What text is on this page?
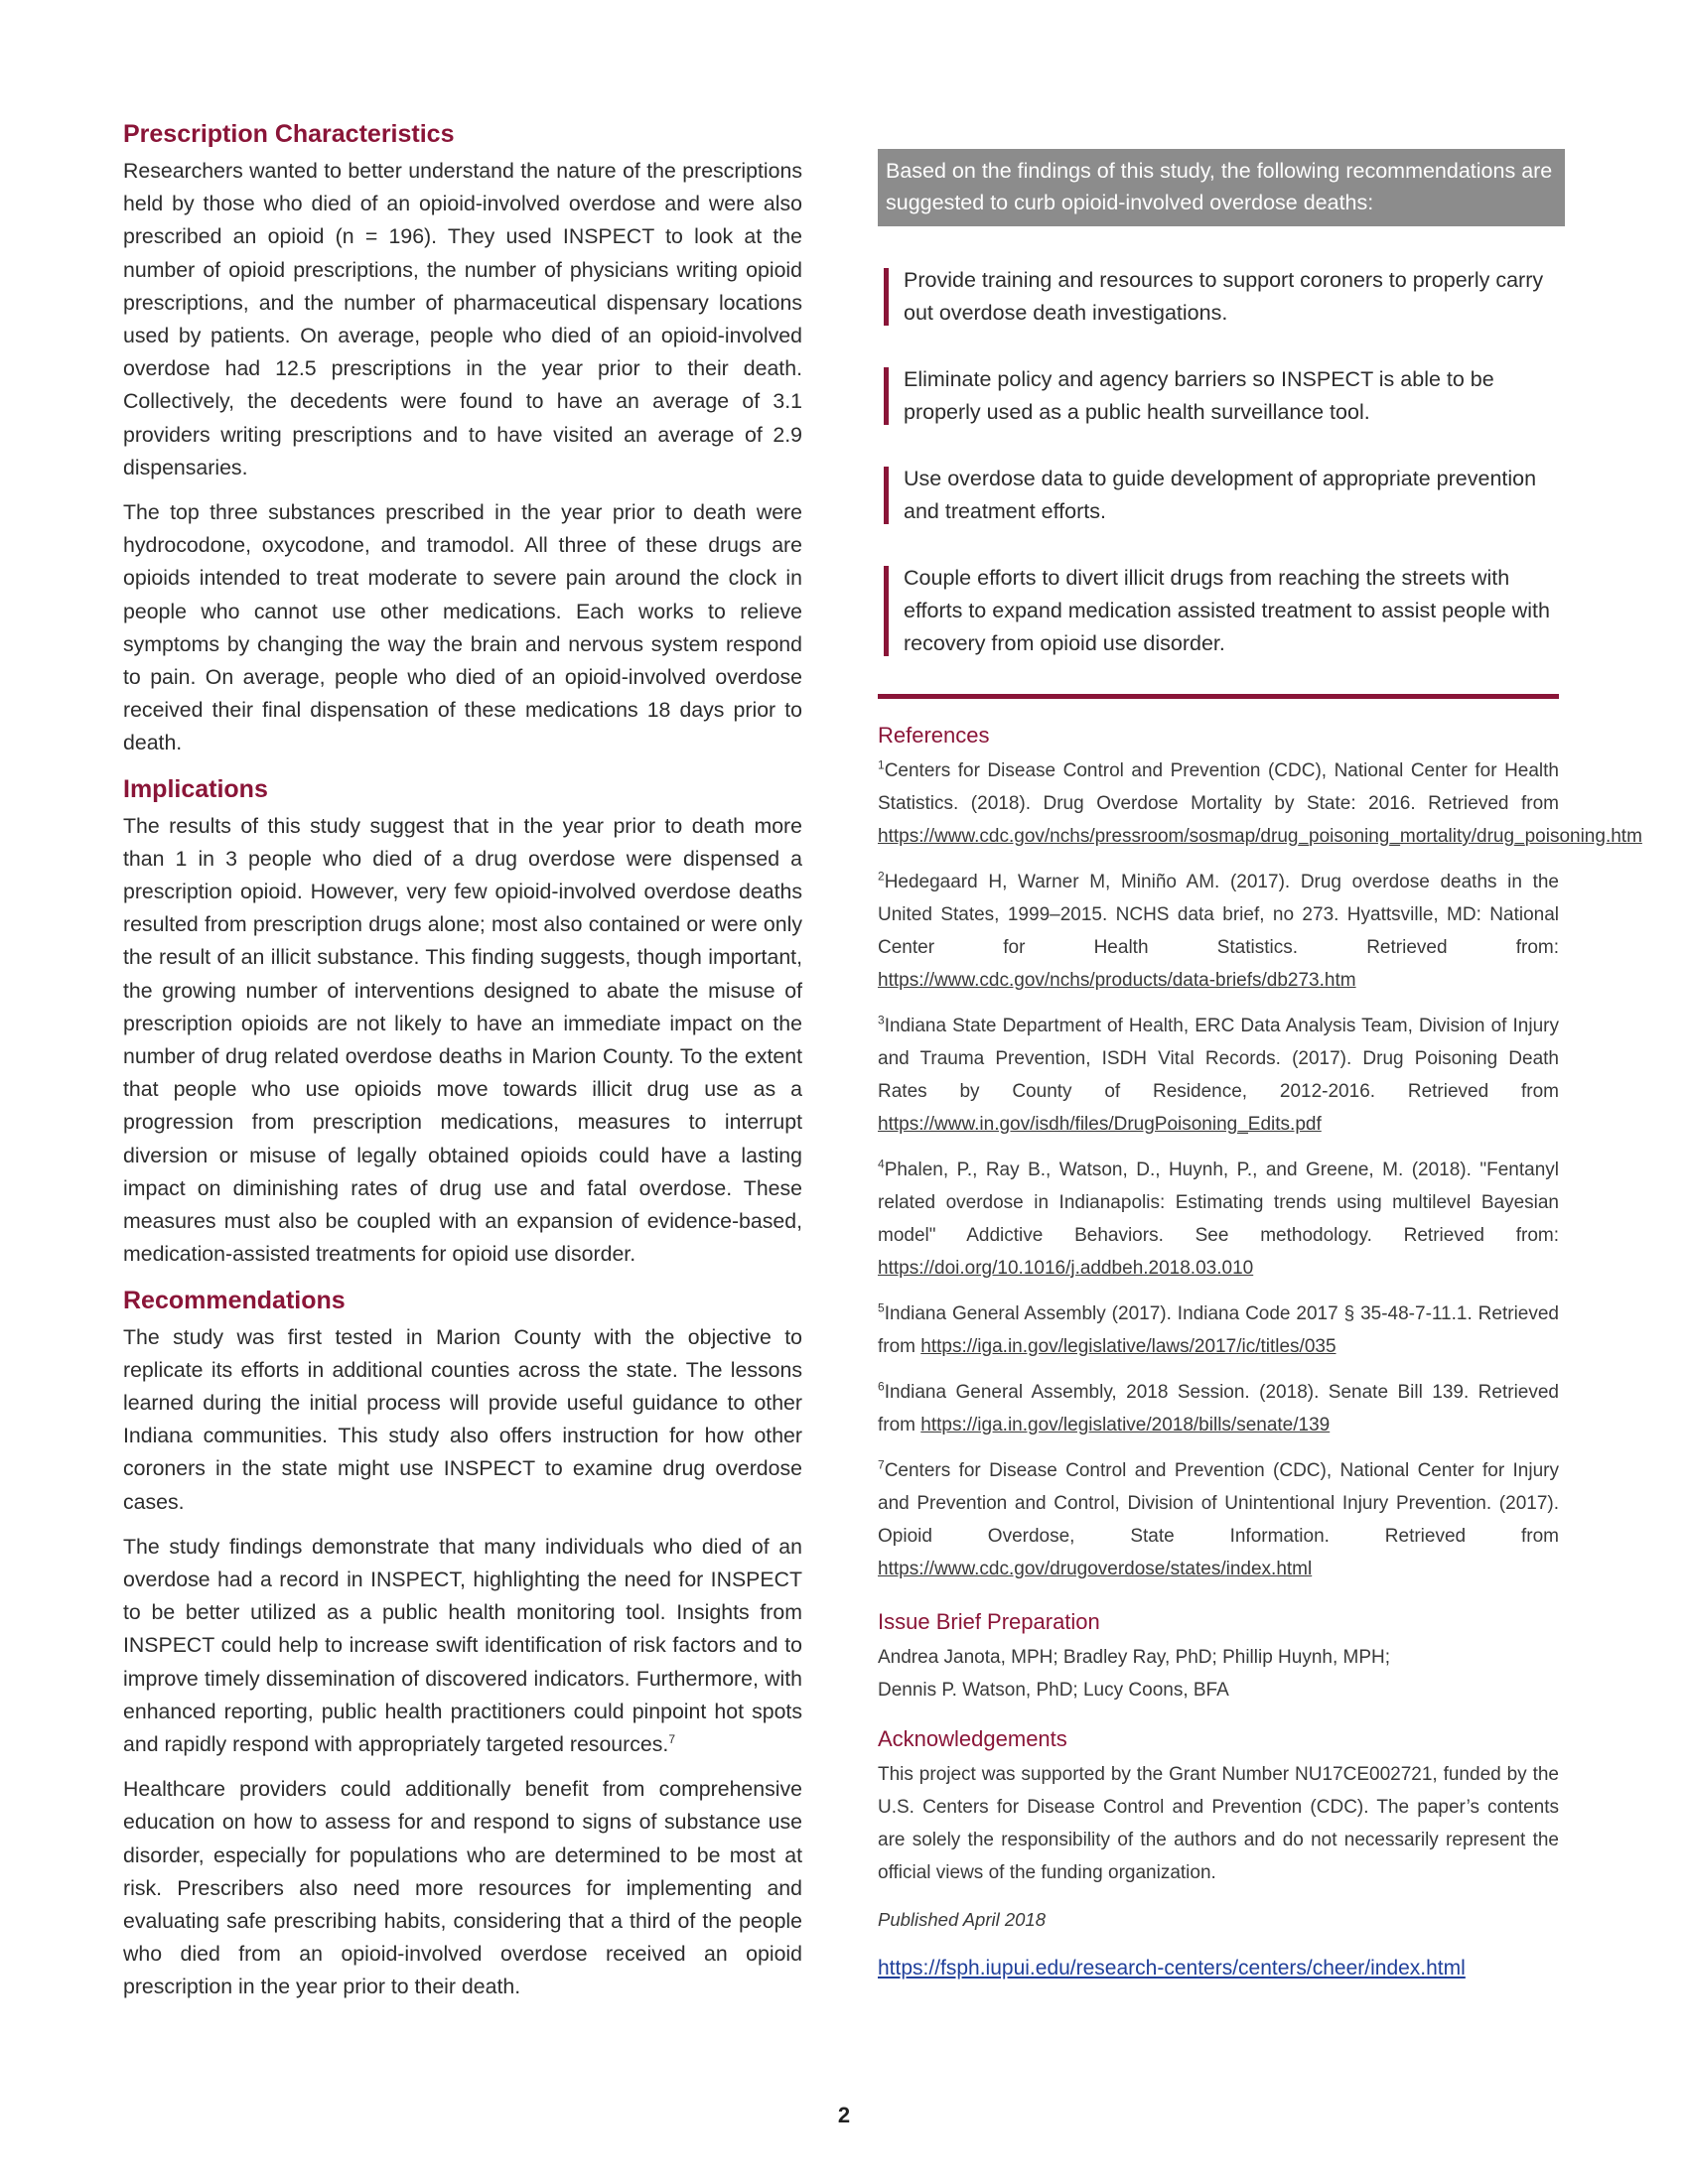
Prescription Characteristics

Researchers wanted to better understand the nature of the prescriptions held by those who died of an opioid-involved overdose and were also prescribed an opioid (n = 196). They used INSPECT to look at the number of opioid prescriptions, the number of physicians writing opioid prescriptions, and the number of pharmaceutical dispensary locations used by patients. On average, people who died of an opioid-involved overdose had 12.5 prescriptions in the year prior to their death. Collectively, the decedents were found to have an average of 3.1 providers writing prescriptions and to have visited an average of 2.9 dispensaries.

The top three substances prescribed in the year prior to death were hydrocodone, oxycodone, and tramodol. All three of these drugs are opioids intended to treat moderate to severe pain around the clock in people who cannot use other medications. Each works to relieve symptoms by changing the way the brain and nervous system respond to pain. On average, people who died of an opioid-involved overdose received their final dispensation of these medications 18 days prior to death.

Implications

The results of this study suggest that in the year prior to death more than 1 in 3 people who died of a drug overdose were dispensed a prescription opioid. However, very few opioid-involved overdose deaths resulted from prescription drugs alone; most also contained or were only the result of an illicit substance. This finding suggests, though important, the growing number of interventions designed to abate the misuse of prescription opioids are not likely to have an immediate impact on the number of drug related overdose deaths in Marion County. To the extent that people who use opioids move towards illicit drug use as a progression from prescription medications, measures to interrupt diversion or misuse of legally obtained opioids could have a lasting impact on diminishing rates of drug use and fatal overdose. These measures must also be coupled with an expansion of evidence-based, medication-assisted treatments for opioid use disorder.

Recommendations

The study was first tested in Marion County with the objective to replicate its efforts in additional counties across the state. The lessons learned during the initial process will provide useful guidance to other Indiana communities. This study also offers instruction for how other coroners in the state might use INSPECT to examine drug overdose cases.

The study findings demonstrate that many individuals who died of an overdose had a record in INSPECT, highlighting the need for INSPECT to be better utilized as a public health monitoring tool. Insights from INSPECT could help to increase swift identification of risk factors and to improve timely dissemination of discovered indicators. Furthermore, with enhanced reporting, public health practitioners could pinpoint hot spots and rapidly respond with appropriately targeted resources.$^7$

Healthcare providers could additionally benefit from comprehensive education on how to assess for and respond to signs of substance use disorder, especially for populations who are determined to be most at risk. Prescribers also need more resources for implementing and evaluating safe prescribing habits, considering that a third of the people who died from an opioid-involved overdose received an opioid prescription in the year prior to their death.

Based on the findings of this study, the following recommendations are suggested to curb opioid-involved overdose deaths:
Provide training and resources to support coroners to properly carry out overdose death investigations.
Eliminate policy and agency barriers so INSPECT is able to be properly used as a public health surveillance tool.
Use overdose data to guide development of appropriate prevention and treatment efforts.
Couple efforts to divert illicit drugs from reaching the streets with efforts to expand medication assisted treatment to assist people with recovery from opioid use disorder.
References

$^1$Centers for Disease Control and Prevention (CDC), National Center for Health Statistics. (2018). Drug Overdose Mortality by State: 2016. Retrieved from https://www.cdc.gov/nchs/pressroom/sosmap/drug_poisoning_mortality/drug_poisoning.htm

$^2$Hedegaard H, Warner M, Miniño AM. (2017). Drug overdose deaths in the United States, 1999–2015. NCHS data brief, no 273. Hyattsville, MD: National Center for Health Statistics. Retrieved from: https://www.cdc.gov/nchs/products/data-briefs/db273.htm

$^3$Indiana State Department of Health, ERC Data Analysis Team, Division of Injury and Trauma Prevention, ISDH Vital Records. (2017). Drug Poisoning Death Rates by County of Residence, 2012-2016. Retrieved from https://www.in.gov/isdh/files/DrugPoisoning_Edits.pdf

$^4$Phalen, P., Ray B., Watson, D., Huynh, P., and Greene, M. (2018). "Fentanyl related overdose in Indianapolis: Estimating trends using multilevel Bayesian model" Addictive Behaviors. See methodology. Retrieved from: https://doi.org/10.1016/j.addbeh.2018.03.010

$^5$Indiana General Assembly (2017). Indiana Code 2017 § 35-48-7-11.1. Retrieved from https://iga.in.gov/legislative/laws/2017/ic/titles/035

$^6$Indiana General Assembly, 2018 Session. (2018). Senate Bill 139. Retrieved from https://iga.in.gov/legislative/2018/bills/senate/139

$^7$Centers for Disease Control and Prevention (CDC), National Center for Injury and Prevention and Control, Division of Unintentional Injury Prevention. (2017). Opioid Overdose, State Information. Retrieved from https://www.cdc.gov/drugoverdose/states/index.html

Issue Brief Preparation
Andrea Janota, MPH; Bradley Ray, PhD; Phillip Huynh, MPH;
Dennis P. Watson, PhD; Lucy Coons, BFA
Acknowledgements

This project was supported by the Grant Number NU17CE002721, funded by the U.S. Centers for Disease Control and Prevention (CDC). The paper’s contents are solely the responsibility of the authors and do not necessarily represent the official views of the funding organization.

Published April 2018
https://fsph.iupui.edu/research-centers/centers/cheer/index.html
2
